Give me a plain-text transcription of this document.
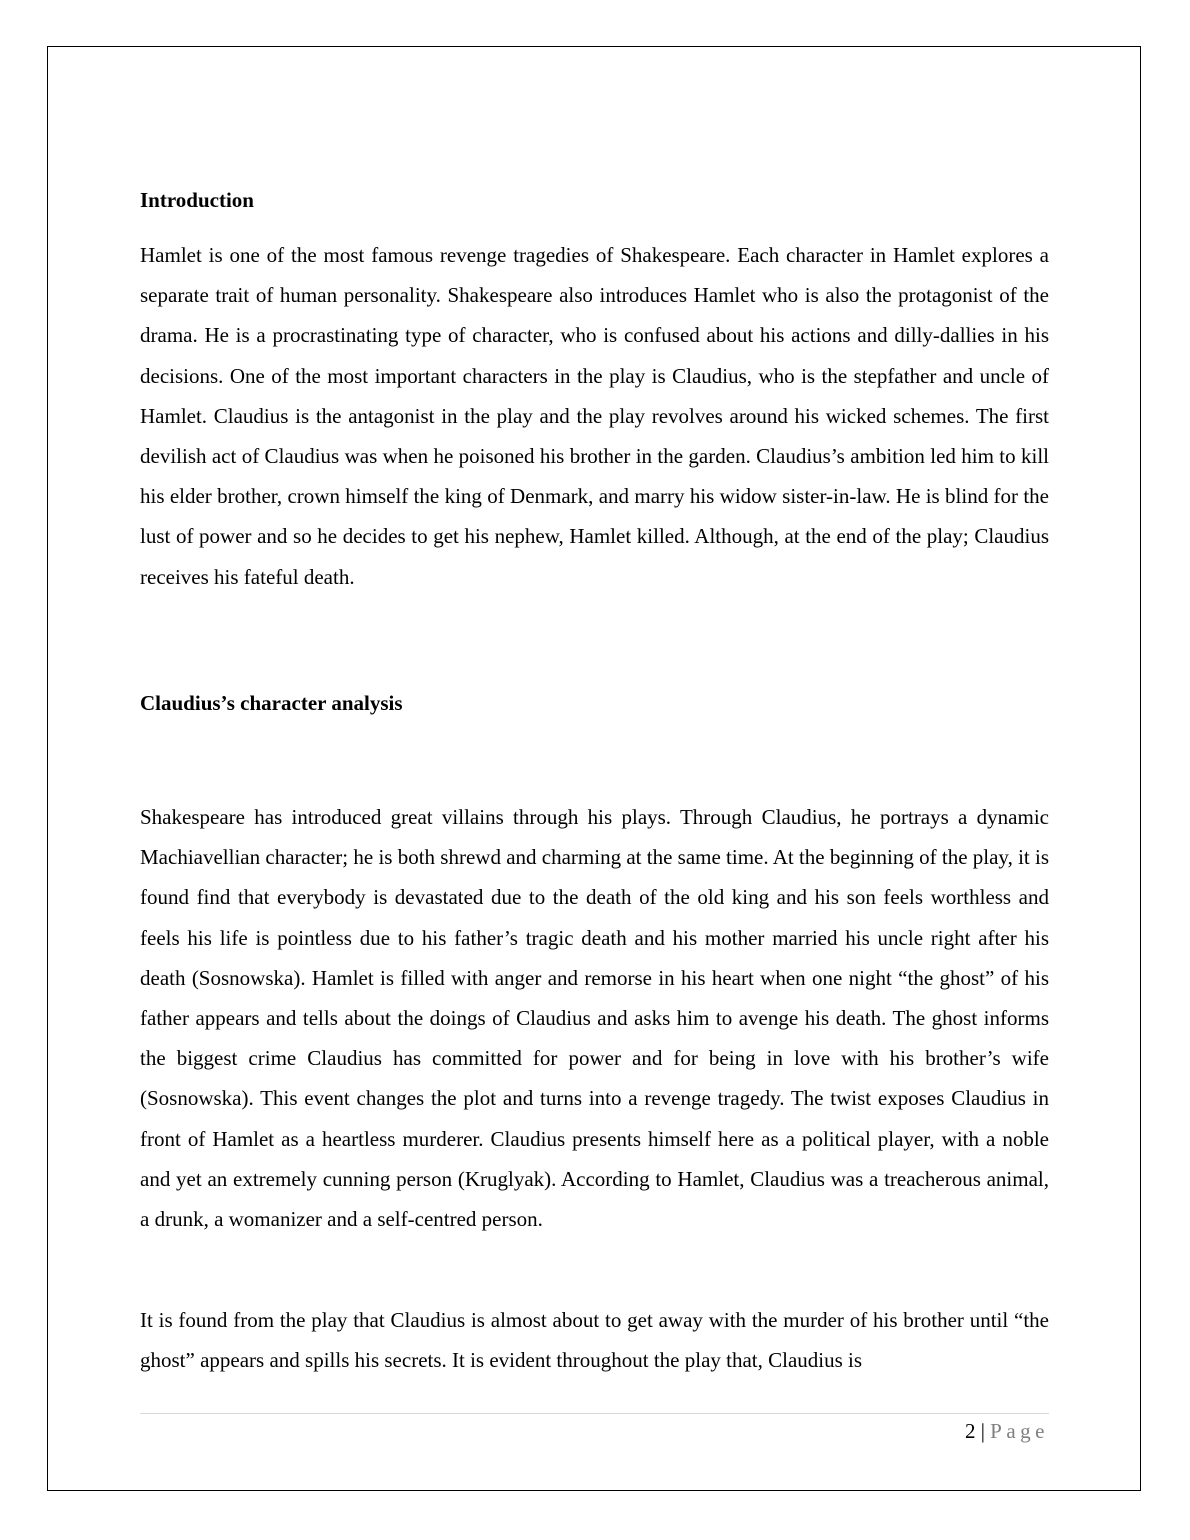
Introduction

Hamlet is one of the most famous revenge tragedies of Shakespeare. Each character in Hamlet explores a separate trait of human personality. Shakespeare also introduces Hamlet who is also the protagonist of the drama. He is a procrastinating type of character, who is confused about his actions and dilly-dallies in his decisions. One of the most important characters in the play is Claudius, who is the stepfather and uncle of Hamlet. Claudius is the antagonist in the play and the play revolves around his wicked schemes. The first devilish act of Claudius was when he poisoned his brother in the garden. Claudius’s ambition led him to kill his elder brother, crown himself the king of Denmark, and marry his widow sister-in-law. He is blind for the lust of power and so he decides to get his nephew, Hamlet killed. Although, at the end of the play; Claudius receives his fateful death.

Claudius’s character analysis

Shakespeare has introduced great villains through his plays. Through Claudius, he portrays a dynamic Machiavellian character; he is both shrewd and charming at the same time. At the beginning of the play, it is found find that everybody is devastated due to the death of the old king and his son feels worthless and feels his life is pointless due to his father’s tragic death and his mother married his uncle right after his death (Sosnowska). Hamlet is filled with anger and remorse in his heart when one night “the ghost” of his father appears and tells about the doings of Claudius and asks him to avenge his death. The ghost informs the biggest crime Claudius has committed for power and for being in love with his brother’s wife (Sosnowska). This event changes the plot and turns into a revenge tragedy. The twist exposes Claudius in front of Hamlet as a heartless murderer. Claudius presents himself here as a political player, with a noble and yet an extremely cunning person (Kruglyak). According to Hamlet, Claudius was a treacherous animal, a drunk, a womanizer and a self-centred person.

It is found from the play that Claudius is almost about to get away with the murder of his brother until “the ghost” appears and spills his secrets. It is evident throughout the play that, Claudius is

2 | Page
